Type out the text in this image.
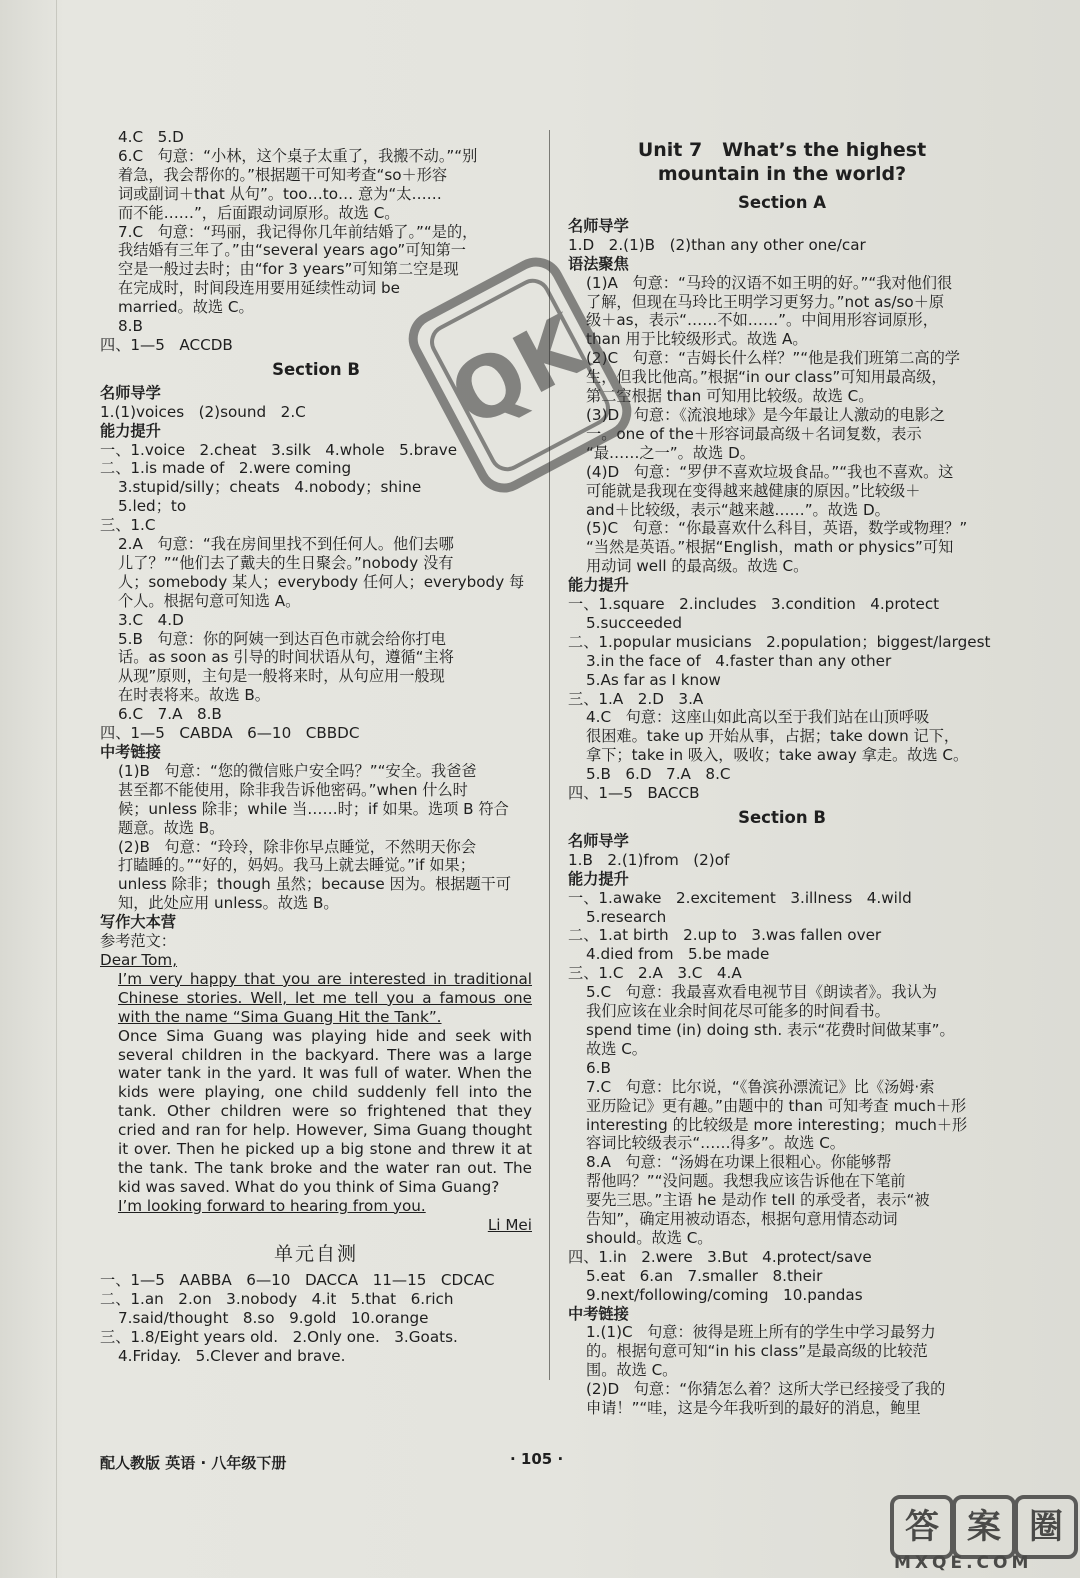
4.C   5.D
6.C   句意：“小林，这个桌子太重了，我搬不动。”“别
着急，我会帮你的。”根据题干可知考查“so＋形容
词或副词＋that 从句”。too…to… 意为“太……
而不能……”，后面跟动词原形。故选 C。
7.C   句意：“玛丽，我记得你几年前结婚了。”“是的，
我结婚有三年了。”由“several years ago”可知第一
空是一般过去时；由“for 3 years”可知第二空是现
在完成时，时间段连用要用延续性动词 be
married。故选 C。
8.B
四、1—5   ACCDB
Section B
名师导学
1.(1)voices   (2)sound   2.C
能力提升
一、1.voice   2.cheat   3.silk   4.whole   5.brave
二、1.is made of   2.were coming
3.stupid/silly；cheats   4.nobody；shine
5.led；to
三、1.C
2.A   句意：“我在房间里找不到任何人。他们去哪
儿了？”“他们去了戴夫的生日聚会。”nobody 没有
人；somebody 某人；everybody 任何人；everybody 每
个人。根据句意可知选 A。
3.C   4.D
5.B   句意：你的阿姨一到达百色市就会给你打电
话。as soon as 引导的时间状语从句，遵循“主将
从现”原则，主句是一般将来时，从句应用一般现
在时表将来。故选 B。
6.C   7.A   8.B
四、1—5   CABDA   6—10   CBBDC
中考链接
(1)B   句意：“您的微信账户安全吗？”“安全。我爸爸
甚至都不能使用，除非我告诉他密码。”when 什么时
候；unless 除非；while 当……时；if 如果。选项 B 符合
题意。故选 B。
(2)B   句意：“玲玲，除非你早点睡觉，不然明天你会
打瞌睡的。”“好的，妈妈。我马上就去睡觉。”if 如果；
unless 除非；though 虽然；because 因为。根据题干可
知，此处应用 unless。故选 B。
写作大本营
参考范文：
Dear Tom,
I’m very happy that you are interested in traditional Chinese stories. Well, let me tell you a famous one with the name “Sima Guang Hit the Tank”.
Once Sima Guang was playing hide and seek with several children in the backyard. There was a large water tank in the yard. It was full of water. When the kids were playing, one child suddenly fell into the tank. Other children were so frightened that they cried and ran for help. However, Sima Guang thought it over. Then he picked up a big stone and threw it at the tank. The tank broke and the water ran out. The kid was saved. What do you think of Sima Guang?
I’m looking forward to hearing from you.
Li Mei
单元自测
一、1—5   AABBA   6—10   DACCA   11—15   CDCAC
二、1.an   2.on   3.nobody   4.it   5.that   6.rich
7.said/thought   8.so   9.gold   10.orange
三、1.8/Eight years old.   2.Only one.   3.Goats.
4.Friday.   5.Clever and brave.
Unit 7   What’s the highest
mountain in the world?
Section A
名师导学
1.D   2.(1)B   (2)than any other one/car
语法聚焦
(1)A   句意：“马玲的汉语不如王明的好。”“我对他们很
了解，但现在马玲比王明学习更努力。”not as/so＋原
级＋as，表示“……不如……”。中间用形容词原形，
than 用于比较级形式。故选 A。
(2)C   句意：“吉姆长什么样？”“他是我们班第二高的学
生，但我比他高。”根据“in our class”可知用最高级，
第二空根据 than 可知用比较级。故选 C。
(3)D   句意：《流浪地球》是今年最让人激动的电影之
一。one of the＋形容词最高级＋名词复数，表示
“最……之一”。故选 D。
(4)D   句意：“罗伊不喜欢垃圾食品。”“我也不喜欢。这
可能就是我现在变得越来越健康的原因。”比较级＋
and＋比较级，表示“越来越……”。故选 D。
(5)C   句意：“你最喜欢什么科目，英语，数学或物理？”
“当然是英语。”根据“English，math or physics”可知
用动词 well 的最高级。故选 C。
能力提升
一、1.square   2.includes   3.condition   4.protect
5.succeeded
二、1.popular musicians   2.population；biggest/largest
3.in the face of   4.faster than any other
5.As far as I know
三、1.A   2.D   3.A
4.C   句意：这座山如此高以至于我们站在山顶呼吸
很困难。take up 开始从事，占据；take down 记下，
拿下；take in 吸入，吸收；take away 拿走。故选 C。
5.B   6.D   7.A   8.C
四、1—5   BACCB
Section B
名师导学
1.B   2.(1)from   (2)of
能力提升
一、1.awake   2.excitement   3.illness   4.wild
5.research
二、1.at birth   2.up to   3.was fallen over
4.died from   5.be made
三、1.C   2.A   3.C   4.A
5.C   句意：我最喜欢看电视节目《朗读者》。我认为
我们应该在业余时间花尽可能多的时间看书。
spend time (in) doing sth. 表示“花费时间做某事”。
故选 C。
6.B
7.C   句意：比尔说，“《鲁滨孙漂流记》比《汤姆·索
亚历险记》更有趣。”由题中的 than 可知考查 much＋形
interesting 的比较级是 more interesting；much＋形
容词比较级表示“……得多”。故选 C。
8.A   句意：“汤姆在功课上很粗心。你能够帮
帮他吗？”“没问题。我想我应该告诉他在下笔前
要先三思。”主语 he 是动作 tell 的承受者，表示“被
告知”，确定用被动语态，根据句意用情态动词
should。故选 C。
四、1.in   2.were   3.But   4.protect/save
5.eat   6.an   7.smaller   8.their
9.next/following/coming   10.pandas
中考链接
1.(1)C   句意：彼得是班上所有的学生中学习最努力
的。根据句意可知“in his class”是最高级的比较范
围。故选 C。
(2)D   句意：“你猜怎么着？这所大学已经接受了我的
申请！”“哇，这是今年我听到的最好的消息，鲍里
QK
配人教版 英语 · 八年级下册	· 105 ·
答 案 圈
MXQE.COM
